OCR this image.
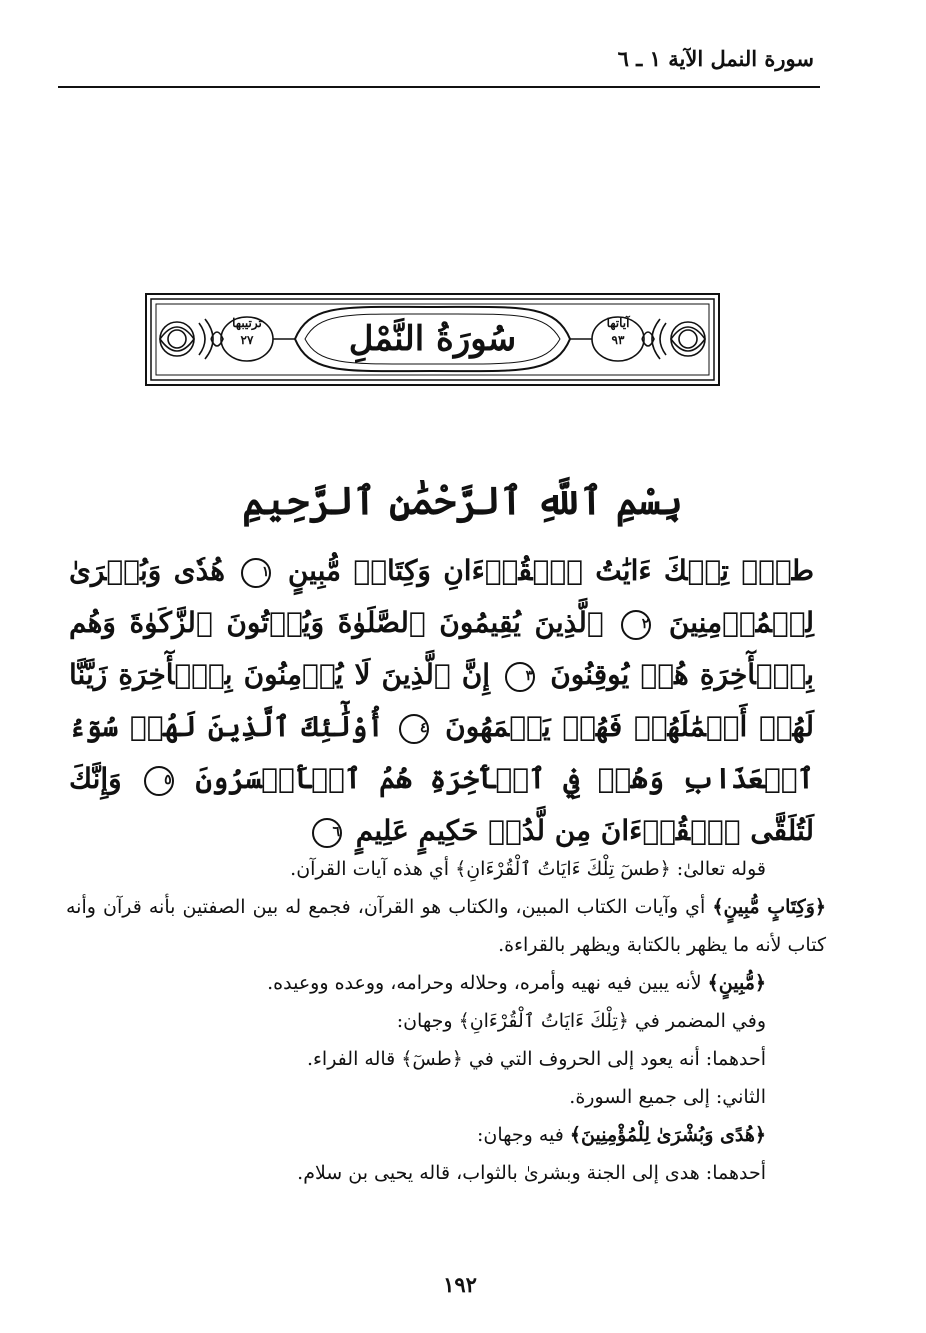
سورة النمل الآية ١ ـ ٦
سُورَةُ النَّمْلِ
ترتيبها
٢٧
آياتها
٩٣
بِسْمِ ٱللَّهِ ٱلرَّحْمَٰنِ ٱلرَّحِيمِ
طسٓۚ تِلۡكَ ءَايَٰتُ ٱلۡقُرۡءَانِ وَكِتَابٖ مُّبِينٍ ١ هُدٗى وَبُشۡرَىٰ لِلۡمُؤۡمِنِينَ ٢ ٱلَّذِينَ يُقِيمُونَ ٱلصَّلَوٰةَ وَيُؤۡتُونَ ٱلزَّكَوٰةَ وَهُم بِٱلۡأٓخِرَةِ هُمۡ يُوقِنُونَ ٣ إِنَّ ٱلَّذِينَ لَا يُؤۡمِنُونَ بِٱلۡأٓخِرَةِ زَيَّنَّا لَهُمۡ أَعۡمَٰلَهُمۡ فَهُمۡ يَعۡمَهُونَ ٤ أُوْلَٰٓئِكَ ٱلَّذِينَ لَهُمۡ سُوٓءُ ٱلۡعَذَابِ وَهُمۡ فِي ٱلۡأٓخِرَةِ هُمُ ٱلۡأَخۡسَرُونَ ٥ وَإِنَّكَ لَتُلَقَّى ٱلۡقُرۡءَانَ مِن لَّدُنۡ حَكِيمٍ عَلِيمٍ ٦

قوله تعالىٰ: ﴿طسٓ تِلْكَ ءَايَاتُ ٱلْقُرْءَانِ﴾ أي هذه آيات القرآن.

﴿وَكِتَابٍ مُّبِينٍ﴾ أي وآيات الكتاب المبين، والكتاب هو القرآن، فجمع له بين الصفتين بأنه قرآن وأنه كتاب لأنه ما يظهر بالكتابة ويظهر بالقراءة.

﴿مُّبِينٍ﴾ لأنه يبين فيه نهيه وأمره، وحلاله وحرامه، ووعده ووعيده.

وفي المضمر في ﴿تِلْكَ ءَايَاتُ ٱلْقُرْءَانِ﴾ وجهان:

أحدهما: أنه يعود إلى الحروف التي في ﴿طسٓ﴾ قاله الفراء.

الثاني: إلى جميع السورة.

﴿هُدًى وَبُشْرَىٰ لِلْمُؤْمِنِينَ﴾ فيه وجهان:

أحدهما: هدى إلى الجنة وبشرىٰ بالثواب، قاله يحيى بن سلام.

١٩٢
